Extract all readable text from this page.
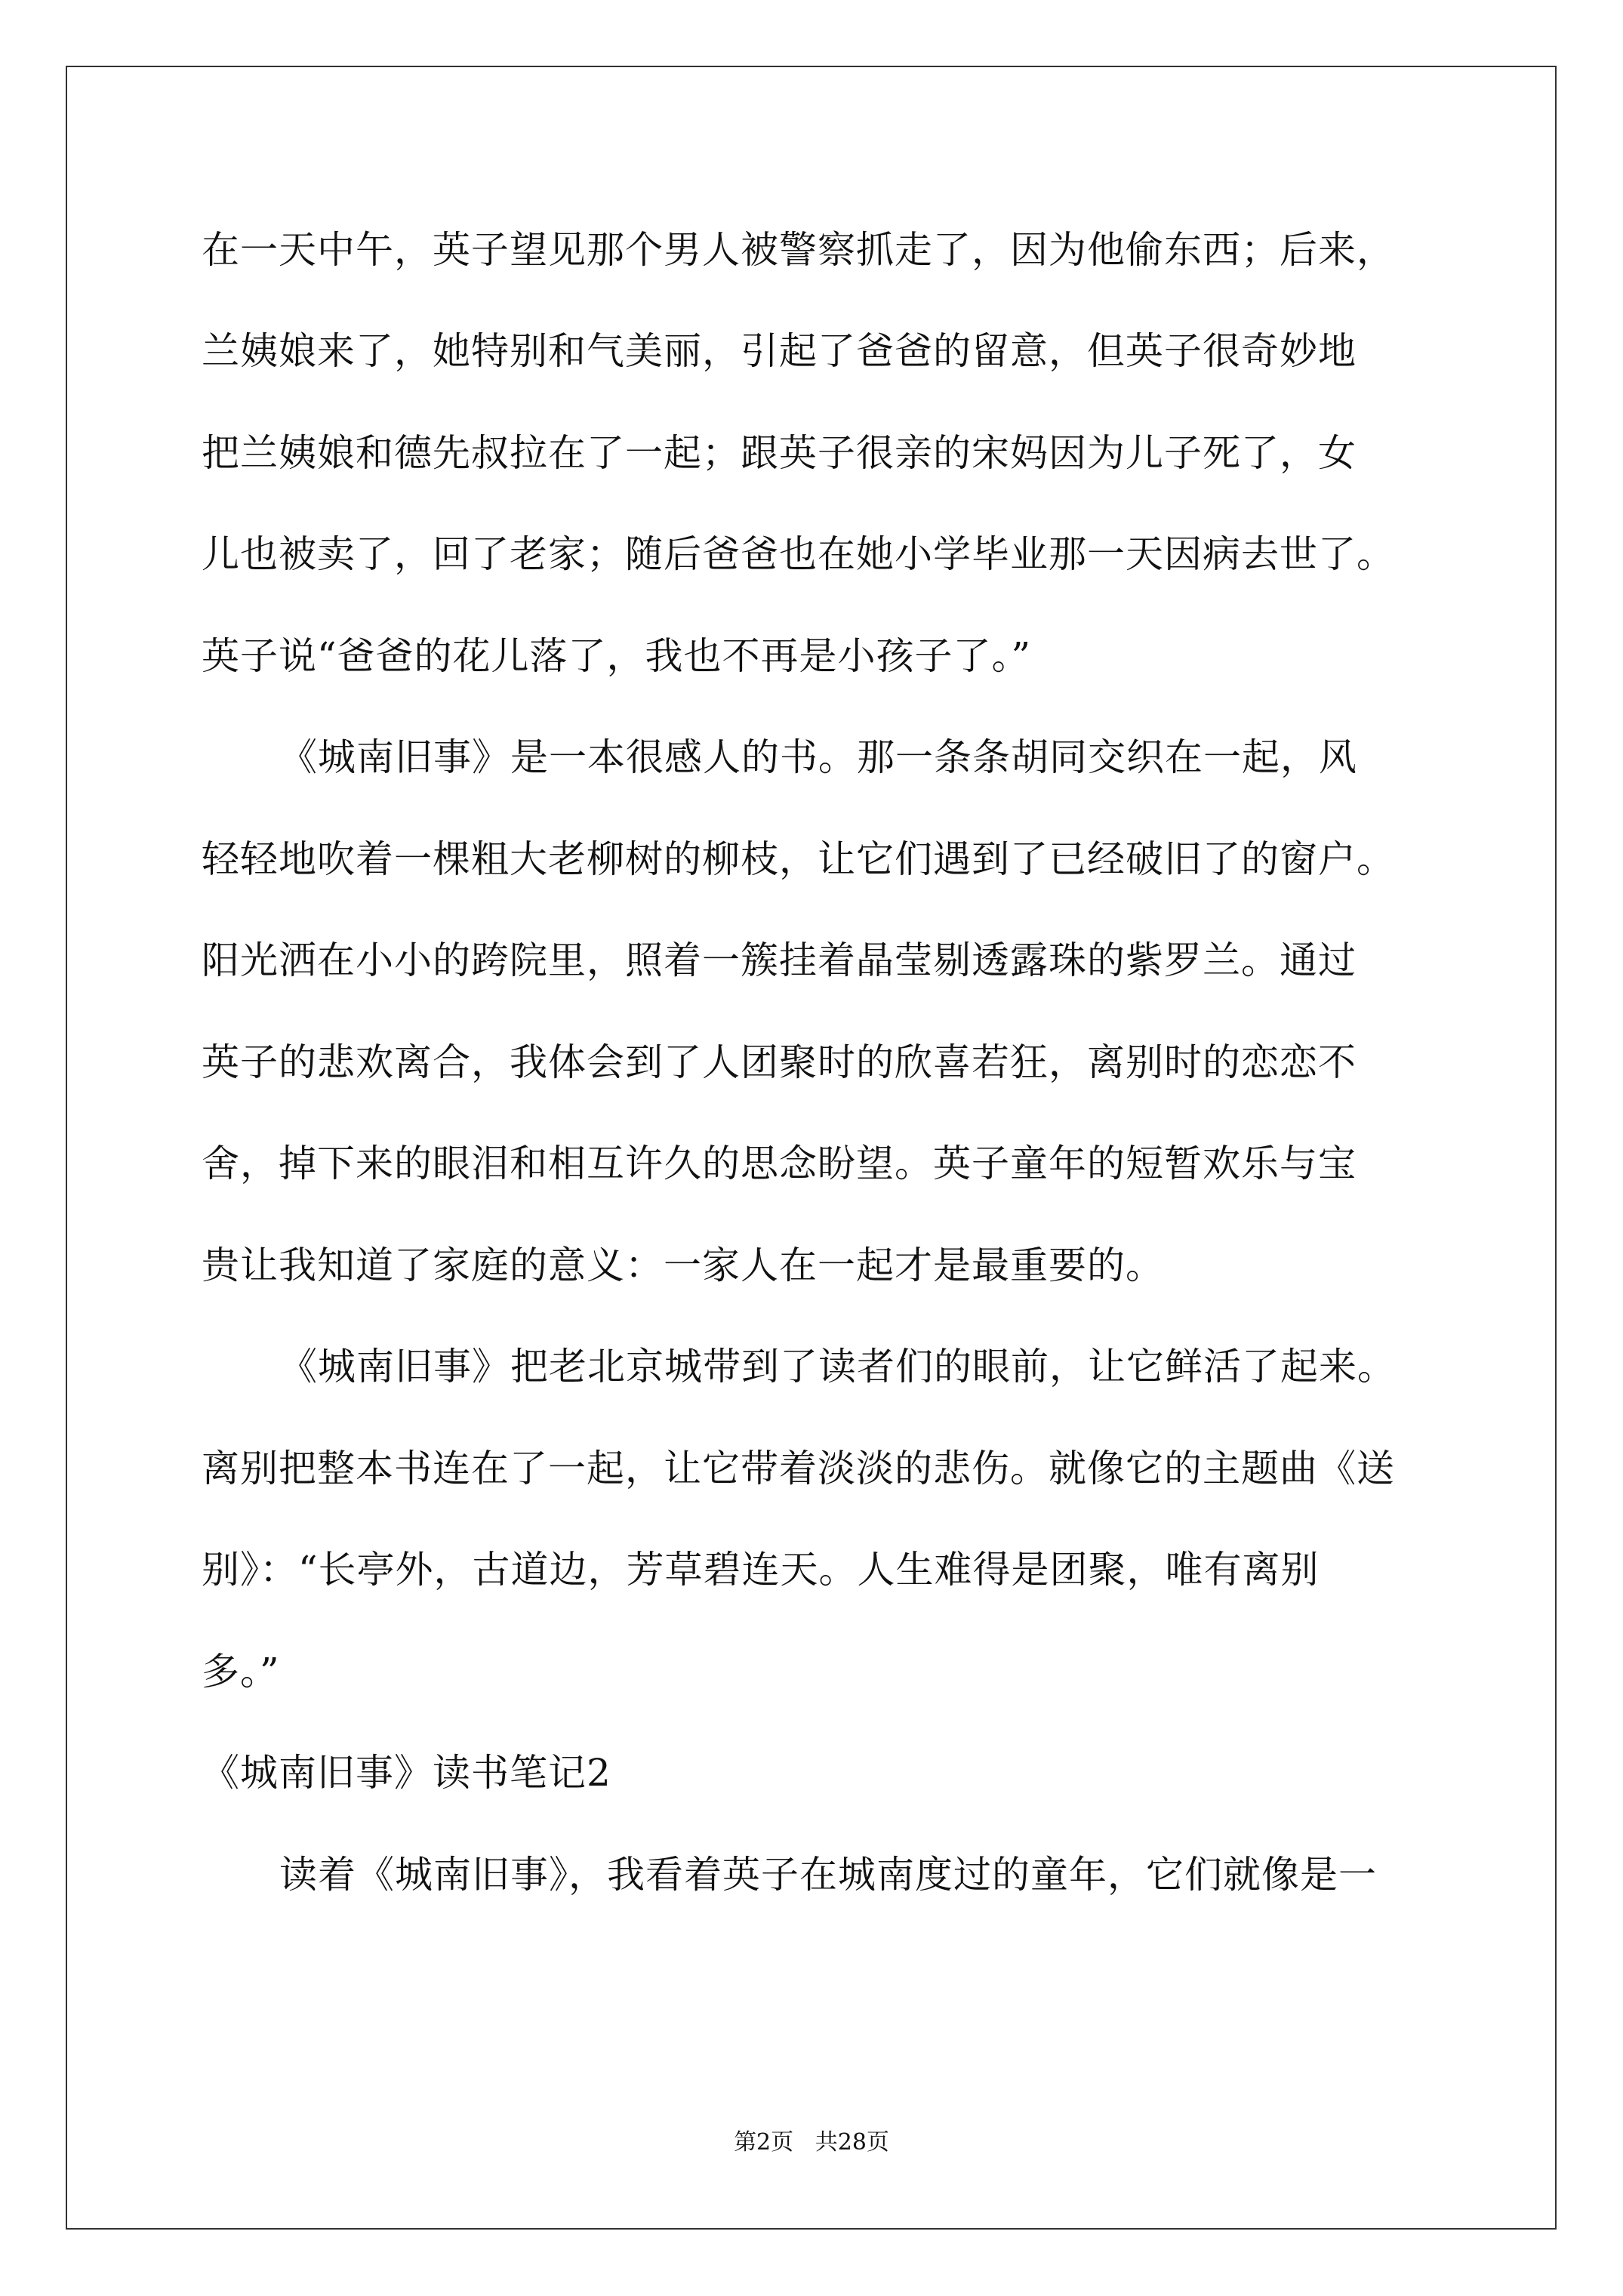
在一天中午，英子望见那个男人被警察抓走了，因为他偷东西；后来，

兰姨娘来了，她特别和气美丽，引起了爸爸的留意，但英子很奇妙地

把兰姨娘和德先叔拉在了一起；跟英子很亲的宋妈因为儿子死了，女

儿也被卖了，回了老家；随后爸爸也在她小学毕业那一天因病去世了。

英子说“爸爸的花儿落了，我也不再是小孩子了。”

《城南旧事》是一本很感人的书。那一条条胡同交织在一起，风

轻轻地吹着一棵粗大老柳树的柳枝，让它们遇到了已经破旧了的窗户。

阳光洒在小小的跨院里，照着一簇挂着晶莹剔透露珠的紫罗兰。通过

英子的悲欢离合，我体会到了人团聚时的欣喜若狂，离别时的恋恋不

舍，掉下来的眼泪和相互许久的思念盼望。英子童年的短暂欢乐与宝

贵让我知道了家庭的意义：一家人在一起才是最重要的。

《城南旧事》把老北京城带到了读者们的眼前，让它鲜活了起来。

离别把整本书连在了一起，让它带着淡淡的悲伤。就像它的主题曲《送

别》：“长亭外，古道边，芳草碧连天。人生难得是团聚，唯有离别

多。”

《城南旧事》读书笔记2

读着《城南旧事》，我看着英子在城南度过的童年，它们就像是一

第2页   共28页
